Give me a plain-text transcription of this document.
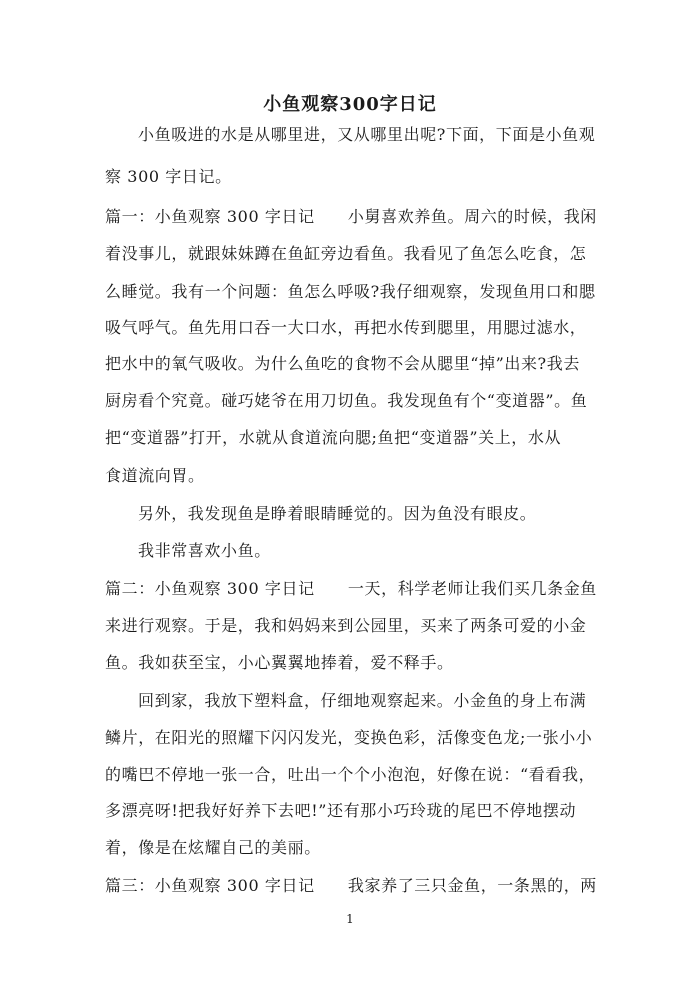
小鱼观察300字日记
小鱼吸进的水是从哪里进，又从哪里出呢?下面，下面是小鱼观
察 300 字日记。
篇一：小鱼观察 300 字日记　　小舅喜欢养鱼。周六的时候，我闲
着没事儿，就跟妹妹蹲在鱼缸旁边看鱼。我看见了鱼怎么吃食，怎
么睡觉。我有一个问题：鱼怎么呼吸?我仔细观察，发现鱼用口和腮
吸气呼气。鱼先用口吞一大口水，再把水传到腮里，用腮过滤水，
把水中的氧气吸收。为什么鱼吃的食物不会从腮里“掉”出来?我去
厨房看个究竟。碰巧姥爷在用刀切鱼。我发现鱼有个“变道器”。鱼
把“变道器”打开，水就从食道流向腮;鱼把“变道器”关上，水从
食道流向胃。
另外，我发现鱼是睁着眼睛睡觉的。因为鱼没有眼皮。
我非常喜欢小鱼。
篇二：小鱼观察 300 字日记　　一天，科学老师让我们买几条金鱼
来进行观察。于是，我和妈妈来到公园里，买来了两条可爱的小金
鱼。我如获至宝，小心翼翼地捧着，爱不释手。
回到家，我放下塑料盒，仔细地观察起来。小金鱼的身上布满
鳞片，在阳光的照耀下闪闪发光，变换色彩，活像变色龙;一张小小
的嘴巴不停地一张一合，吐出一个个小泡泡，好像在说：“看看我，
多漂亮呀!把我好好养下去吧!”还有那小巧玲珑的尾巴不停地摆动
着，像是在炫耀自己的美丽。
篇三：小鱼观察 300 字日记　　我家养了三只金鱼，一条黑的，两
1
